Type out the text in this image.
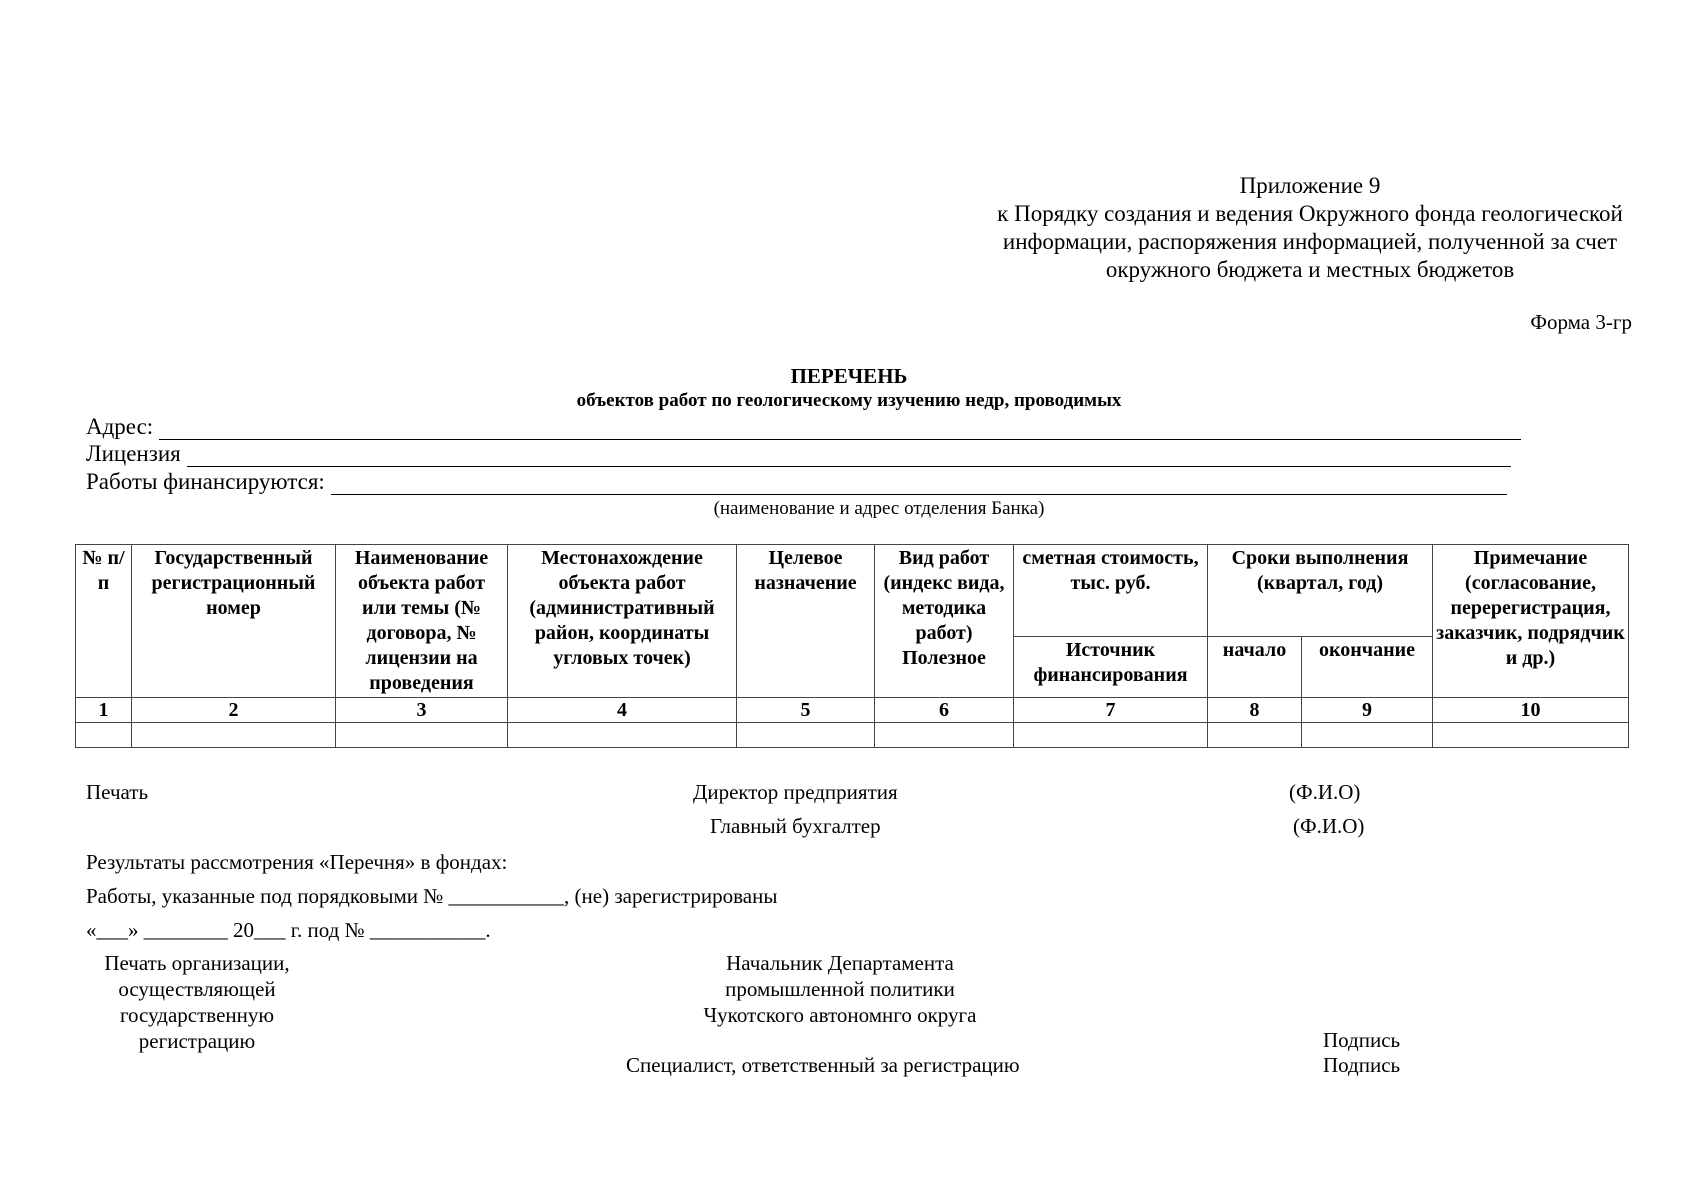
Приложение 9
к Порядку создания и ведения Окружного фонда геологической
информации, распоряжения информацией, полученной за счет
окружного бюджета и местных бюджетов
Форма 3-гр
ПЕРЕЧЕНЬ
объектов работ по геологическому изучению недр, проводимых
Адрес:
Лицензия
Работы финансируются:
(наименование и адрес отделения Банка)
№ п/п	Государственный регистрационный номер	Наименование объекта работ или темы (№ договора, № лицензии на проведения	Местонахождение объекта работ (административный район, координаты угловых точек)	Целевое назначение	Вид работ (индекс вида, методика работ) Полезное	сметная стоимость, тыс. руб.	Сроки выполнения (квартал, год)		Примечание (согласование, перерегистрация, заказчик, подрядчик и др.)

						Источник финансирования	начало	окончание	

1	2	3	4	5	6	7	8	9	10

Печать	Директор предприятия	(Ф.И.О)
Главный бухгалтер	(Ф.И.О)
Результаты рассмотрения «Перечня» в фондах:
Работы, указанные под порядковыми № ___________, (не) зарегистрированы
«___» ________ 20___ г. под № ___________.
Печать организации,
осуществляющей
государственную
регистрацию
Начальник Департамента
промышленной политики
Чукотского автономнго округа
Подпись
Специалист, ответственный за регистрацию	Подпись
